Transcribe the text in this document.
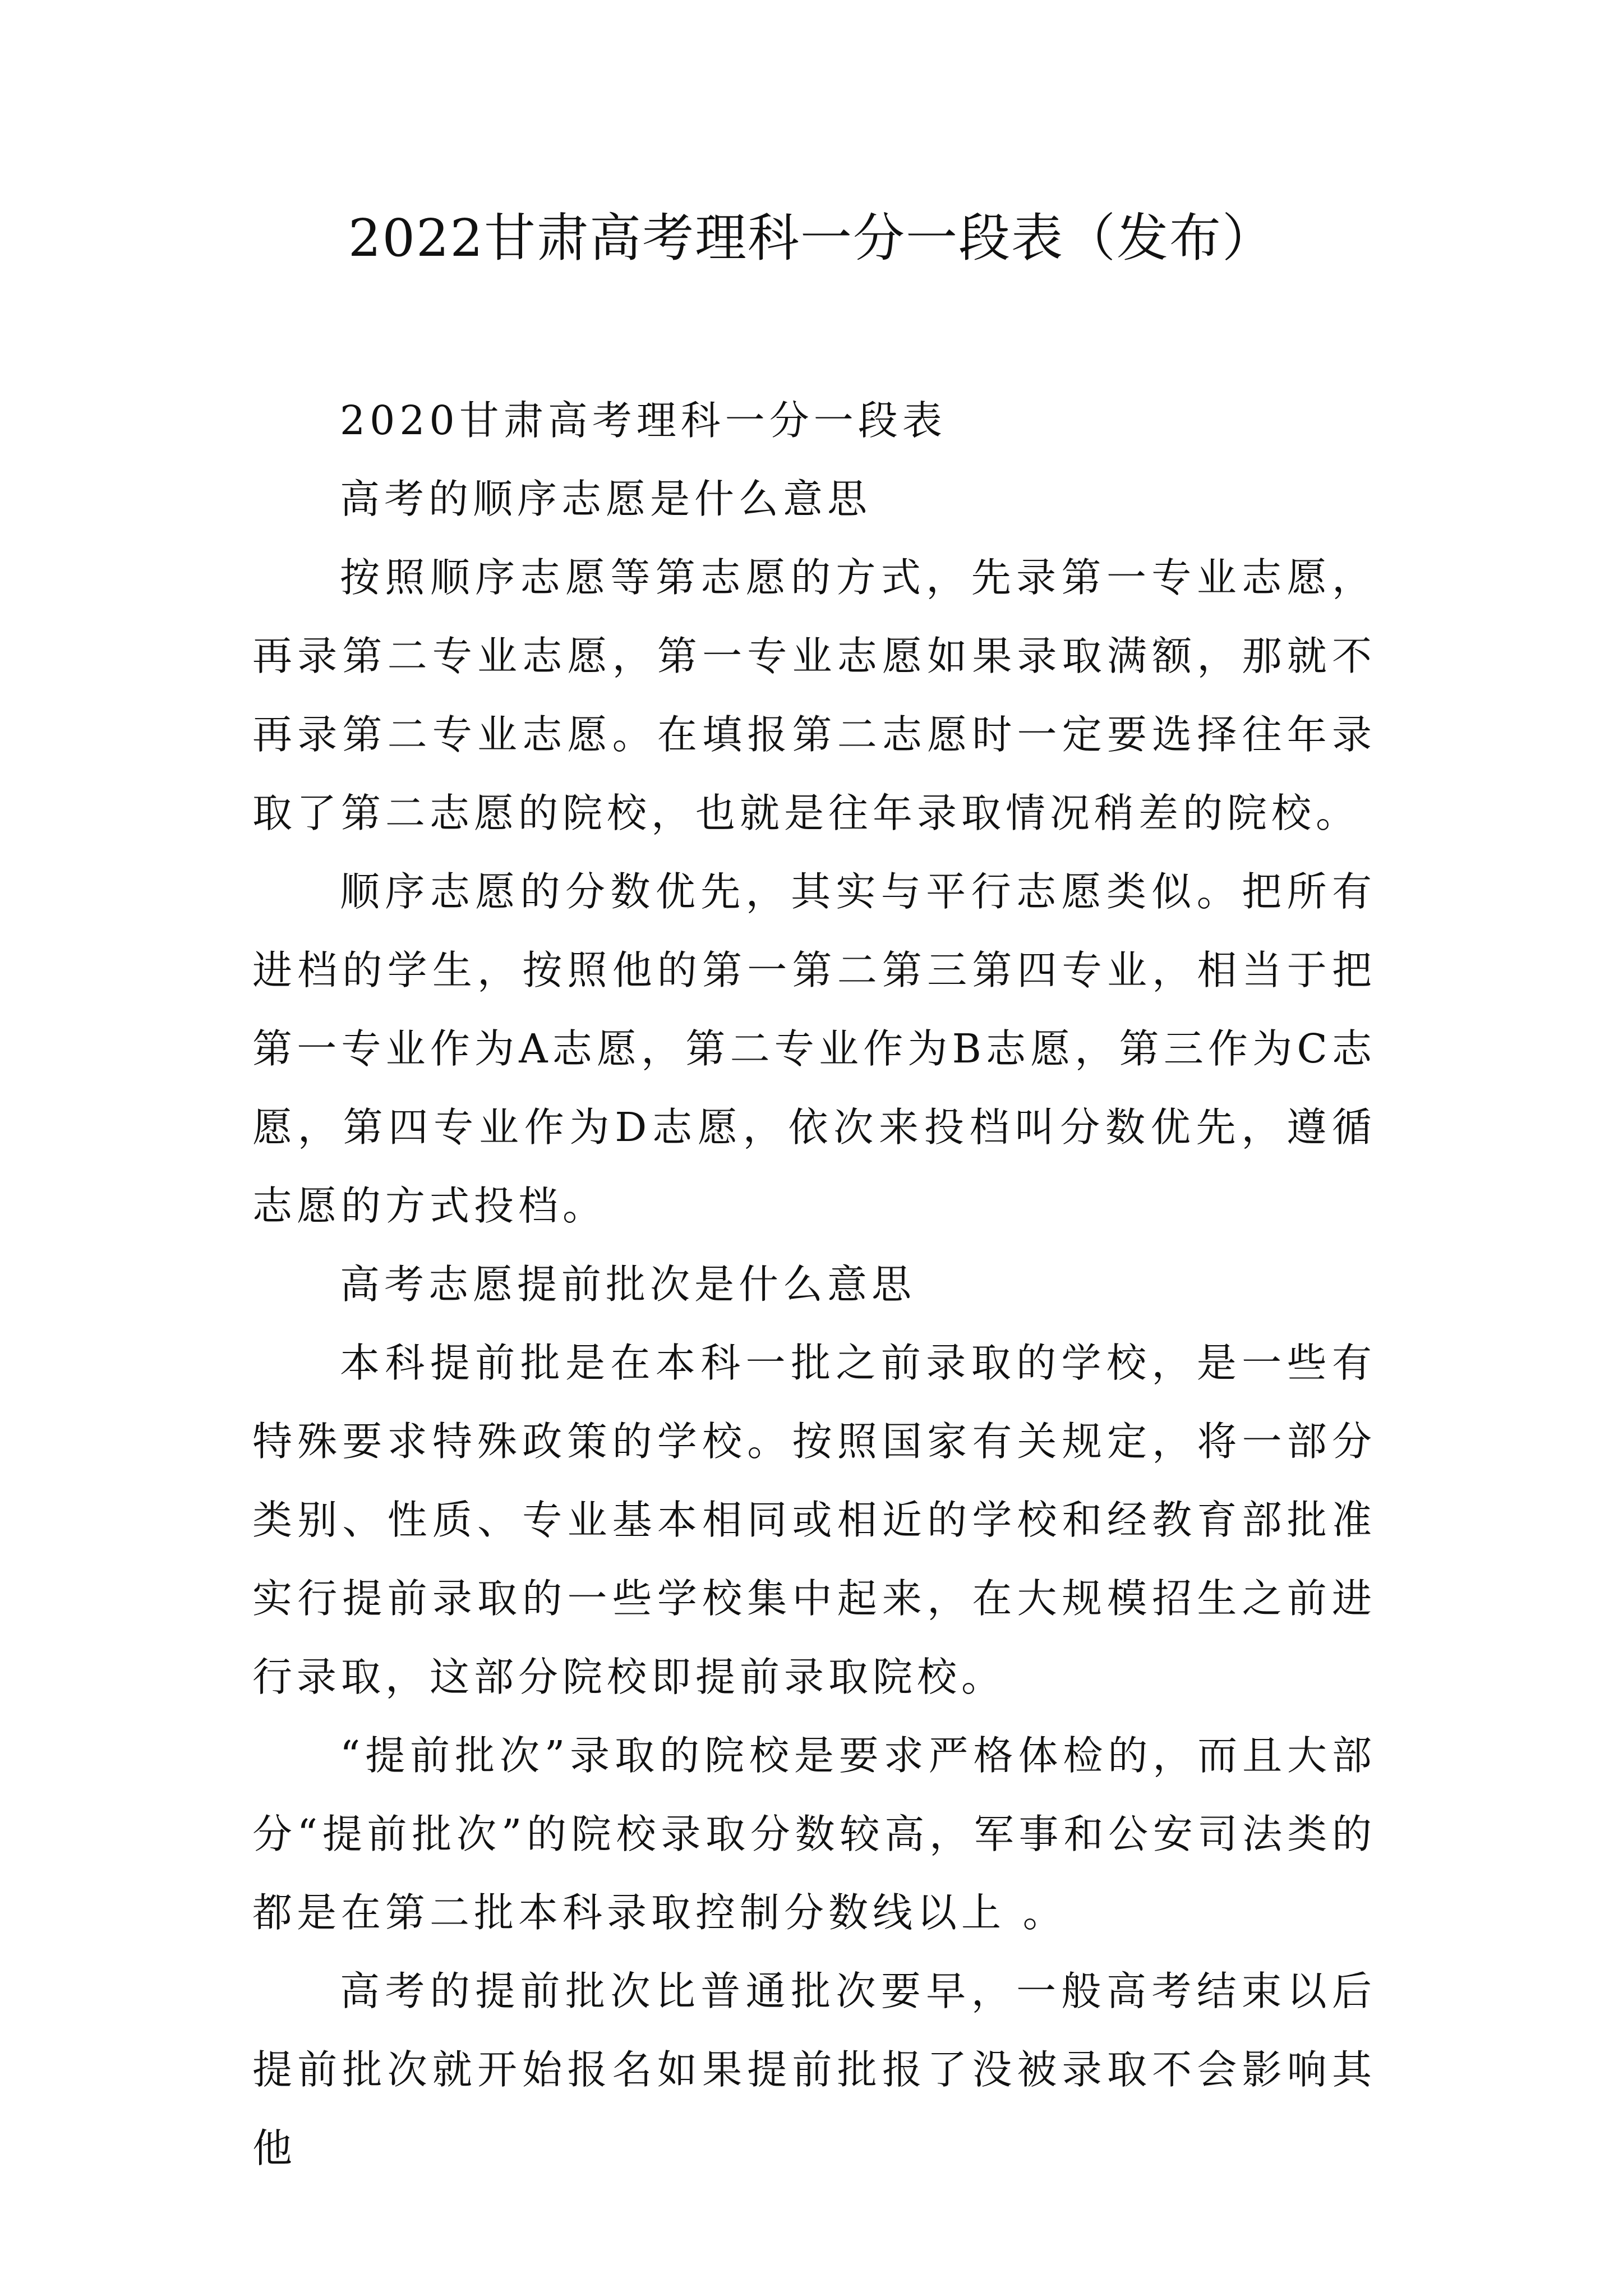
2022甘肃高考理科一分一段表（发布）

2020甘肃高考理科一分一段表

高考的顺序志愿是什么意思

按照顺序志愿等第志愿的方式，先录第一专业志愿，再录第二专业志愿，第一专业志愿如果录取满额，那就不再录第二专业志愿。在填报第二志愿时一定要选择往年录取了第二志愿的院校，也就是往年录取情况稍差的院校。

顺序志愿的分数优先，其实与平行志愿类似。把所有进档的学生，按照他的第一第二第三第四专业，相当于把第一专业作为A志愿，第二专业作为B志愿，第三作为C志愿，第四专业作为D志愿，依次来投档叫分数优先，遵循志愿的方式投档。

高考志愿提前批次是什么意思

本科提前批是在本科一批之前录取的学校，是一些有特殊要求特殊政策的学校。按照国家有关规定，将一部分类别、性质、专业基本相同或相近的学校和经教育部批准实行提前录取的一些学校集中起来，在大规模招生之前进行录取，这部分院校即提前录取院校。

“提前批次”录取的院校是要求严格体检的，而且大部分“提前批次”的院校录取分数较高，军事和公安司法类的都是在第二批本科录取控制分数线以上 。

高考的提前批次比普通批次要早，一般高考结束以后提前批次就开始报名如果提前批报了没被录取不会影响其他
